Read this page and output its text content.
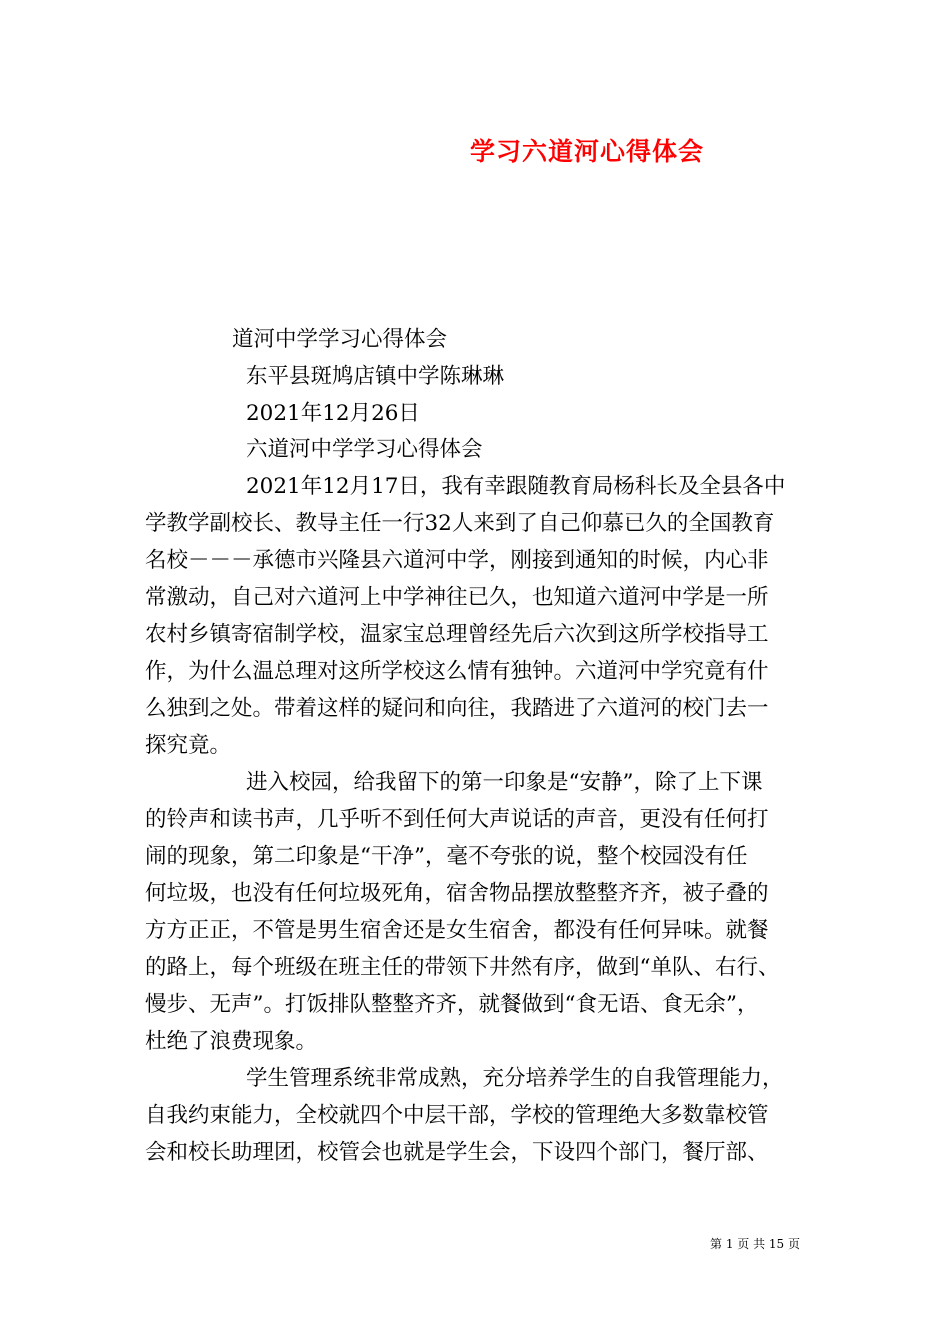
学习六道河心得体会
道河中学学习心得体会
东平县斑鸠店镇中学陈琳琳
2021年12月26日
六道河中学学习心得体会
2021年12月17日，我有幸跟随教育局杨科长及全县各中
学教学副校长、教导主任一行32人来到了自己仰慕已久的全国教育
名校－－－承德市兴隆县六道河中学，刚接到通知的时候，内心非
常激动，自己对六道河上中学神往已久，也知道六道河中学是一所
农村乡镇寄宿制学校，温家宝总理曾经先后六次到这所学校指导工
作，为什么温总理对这所学校这么情有独钟。六道河中学究竟有什
么独到之处。带着这样的疑问和向往，我踏进了六道河的校门去一
探究竟。
进入校园，给我留下的第一印象是“安静”，除了上下课
的铃声和读书声，几乎听不到任何大声说话的声音，更没有任何打
闹的现象，第二印象是“干净”，毫不夸张的说，整个校园没有任
何垃圾，也没有任何垃圾死角，宿舍物品摆放整整齐齐，被子叠的
方方正正，不管是男生宿舍还是女生宿舍，都没有任何异味。就餐
的路上，每个班级在班主任的带领下井然有序，做到“单队、右行、
慢步、无声”。打饭排队整整齐齐，就餐做到“食无语、食无余”，
杜绝了浪费现象。
学生管理系统非常成熟，充分培养学生的自我管理能力，
自我约束能力，全校就四个中层干部，学校的管理绝大多数靠校管
会和校长助理团，校管会也就是学生会，下设四个部门，餐厅部、
第 1 页 共 15 页
